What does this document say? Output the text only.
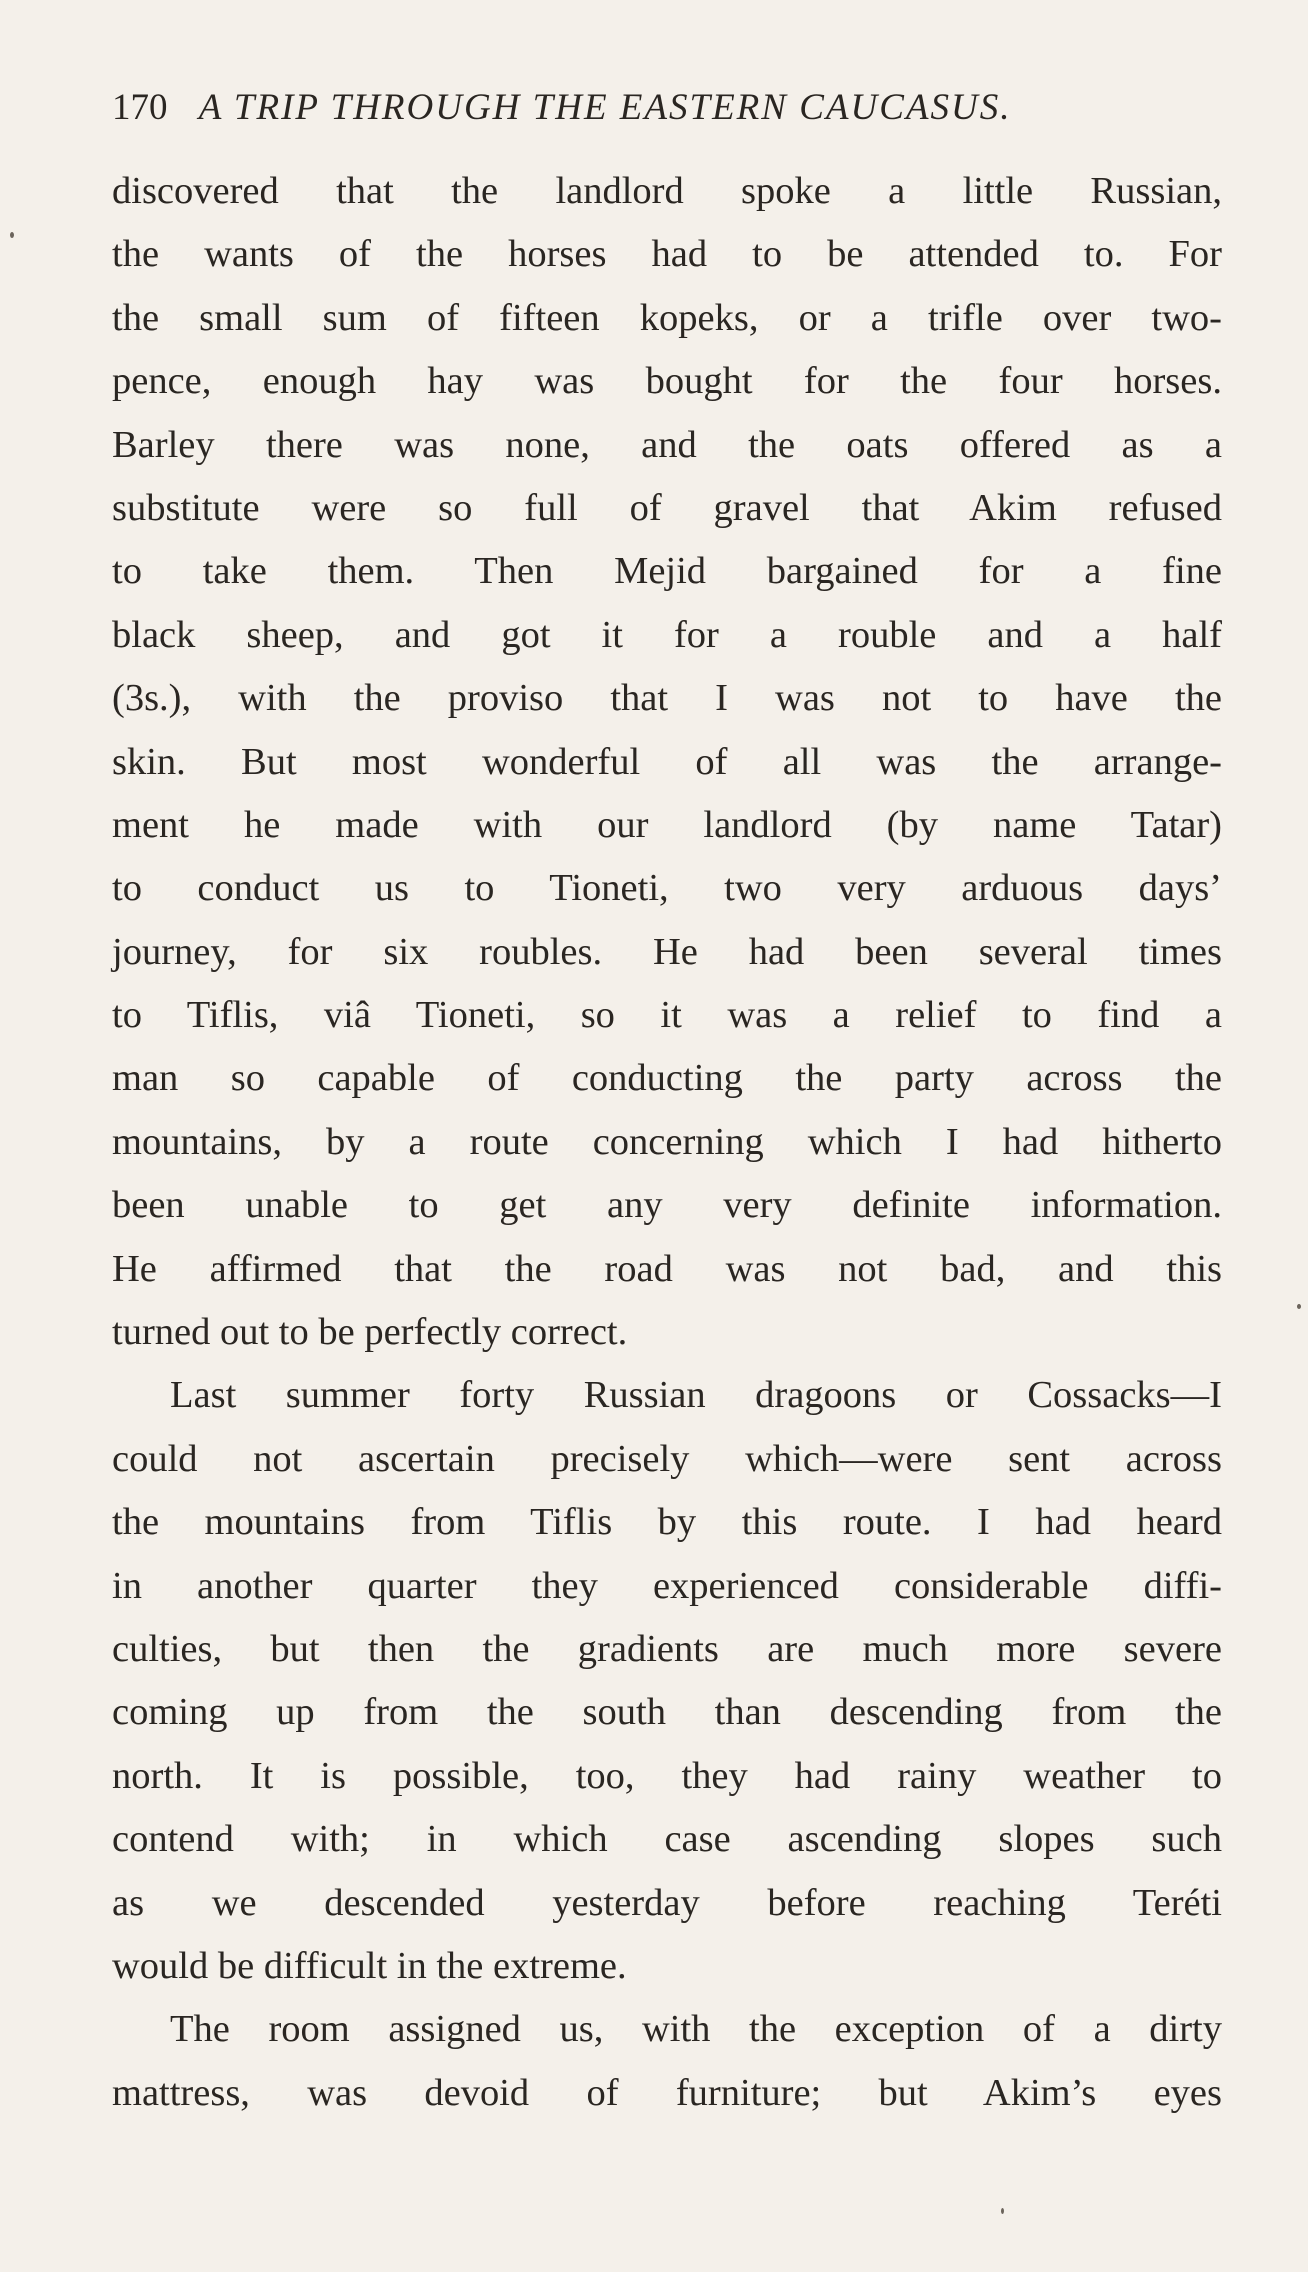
170 A TRIP THROUGH THE EASTERN CAUCASUS.
discovered that the landlord spoke a little Russian,
the wants of the horses had to be attended to. For
the small sum of fifteen kopeks, or a trifle over two-
pence, enough hay was bought for the four horses.
Barley there was none, and the oats offered as a
substitute were so full of gravel that Akim refused
to take them. Then Mejid bargained for a fine
black sheep, and got it for a rouble and a half
(3s.), with the proviso that I was not to have the
skin. But most wonderful of all was the arrange-
ment he made with our landlord (by name Tatar)
to conduct us to Tioneti, two very arduous days’
journey, for six roubles. He had been several times
to Tiflis, viâ Tioneti, so it was a relief to find a
man so capable of conducting the party across the
mountains, by a route concerning which I had hitherto
been unable to get any very definite information.
He affirmed that the road was not bad, and this
turned out to be perfectly correct.
Last summer forty Russian dragoons or Cossacks—I
could not ascertain precisely which—were sent across
the mountains from Tiflis by this route. I had heard
in another quarter they experienced considerable diffi-
culties, but then the gradients are much more severe
coming up from the south than descending from the
north. It is possible, too, they had rainy weather to
contend with; in which case ascending slopes such
as we descended yesterday before reaching Teréti
would be difficult in the extreme.
The room assigned us, with the exception of a dirty
mattress, was devoid of furniture; but Akim’s eyes
